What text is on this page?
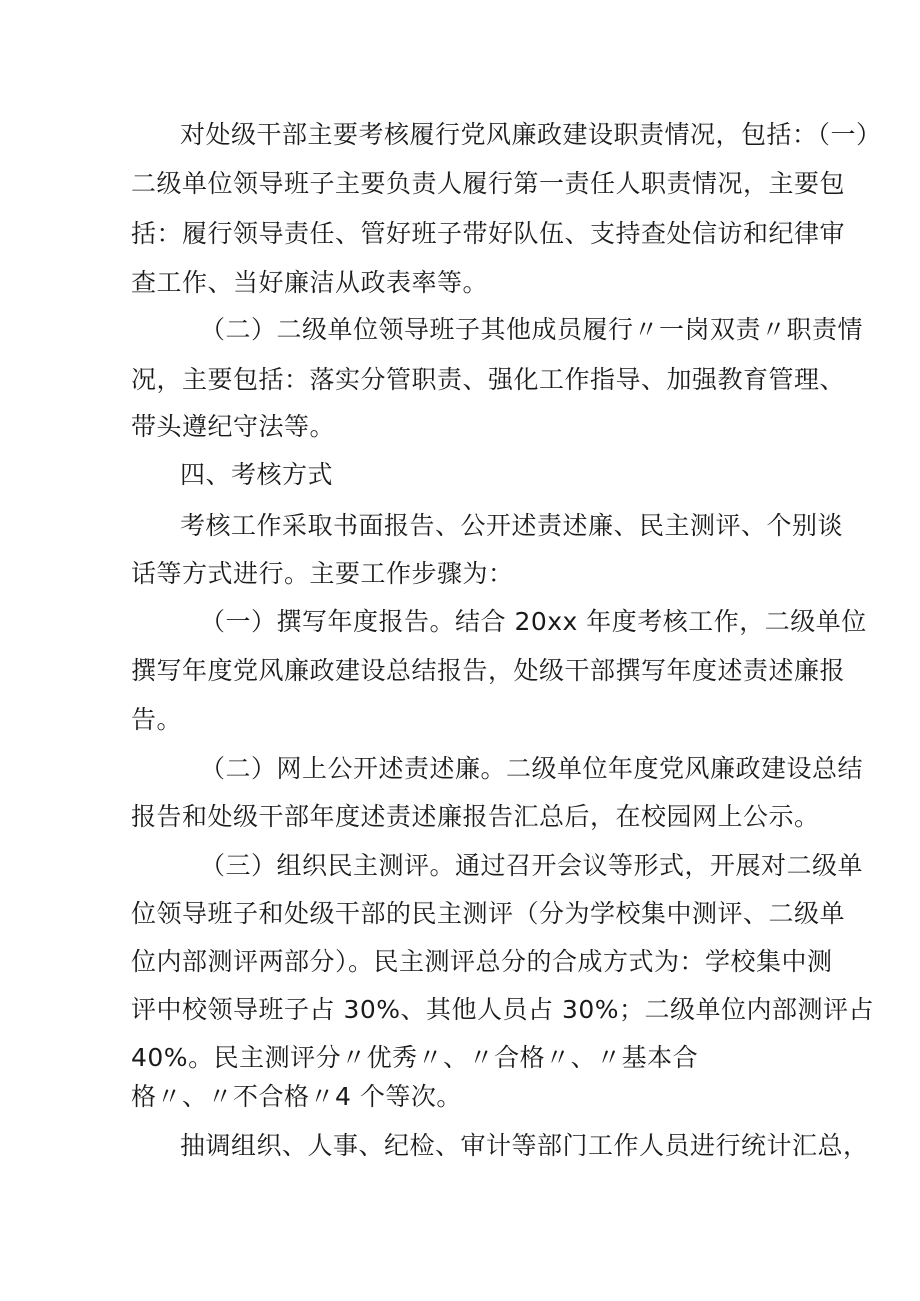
对处级干部主要考核履行党风廉政建设职责情况，包括：（一）
二级单位领导班子主要负责人履行第一责任人职责情况，主要包
括：履行领导责任、管好班子带好队伍、支持查处信访和纪律审
查工作、当好廉洁从政表率等。
（二）二级单位领导班子其他成员履行〃一岗双责〃职责情
况，主要包括：落实分管职责、强化工作指导、加强教育管理、
带头遵纪守法等。
四、考核方式
考核工作采取书面报告、公开述责述廉、民主测评、个别谈
话等方式进行。主要工作步骤为：
（一）撰写年度报告。结合 20xx 年度考核工作，二级单位
撰写年度党风廉政建设总结报告，处级干部撰写年度述责述廉报
告。
（二）网上公开述责述廉。二级单位年度党风廉政建设总结
报告和处级干部年度述责述廉报告汇总后，在校园网上公示。
（三）组织民主测评。通过召开会议等形式，开展对二级单
位领导班子和处级干部的民主测评（分为学校集中测评、二级单
位内部测评两部分）。民主测评总分的合成方式为：学校集中测
评中校领导班子占 30%、其他人员占 30%；二级单位内部测评占
40%。民主测评分〃优秀〃、〃合格〃、〃基本合
格〃、〃不合格〃4 个等次。
抽调组织、人事、纪检、审计等部门工作人员进行统计汇总，
